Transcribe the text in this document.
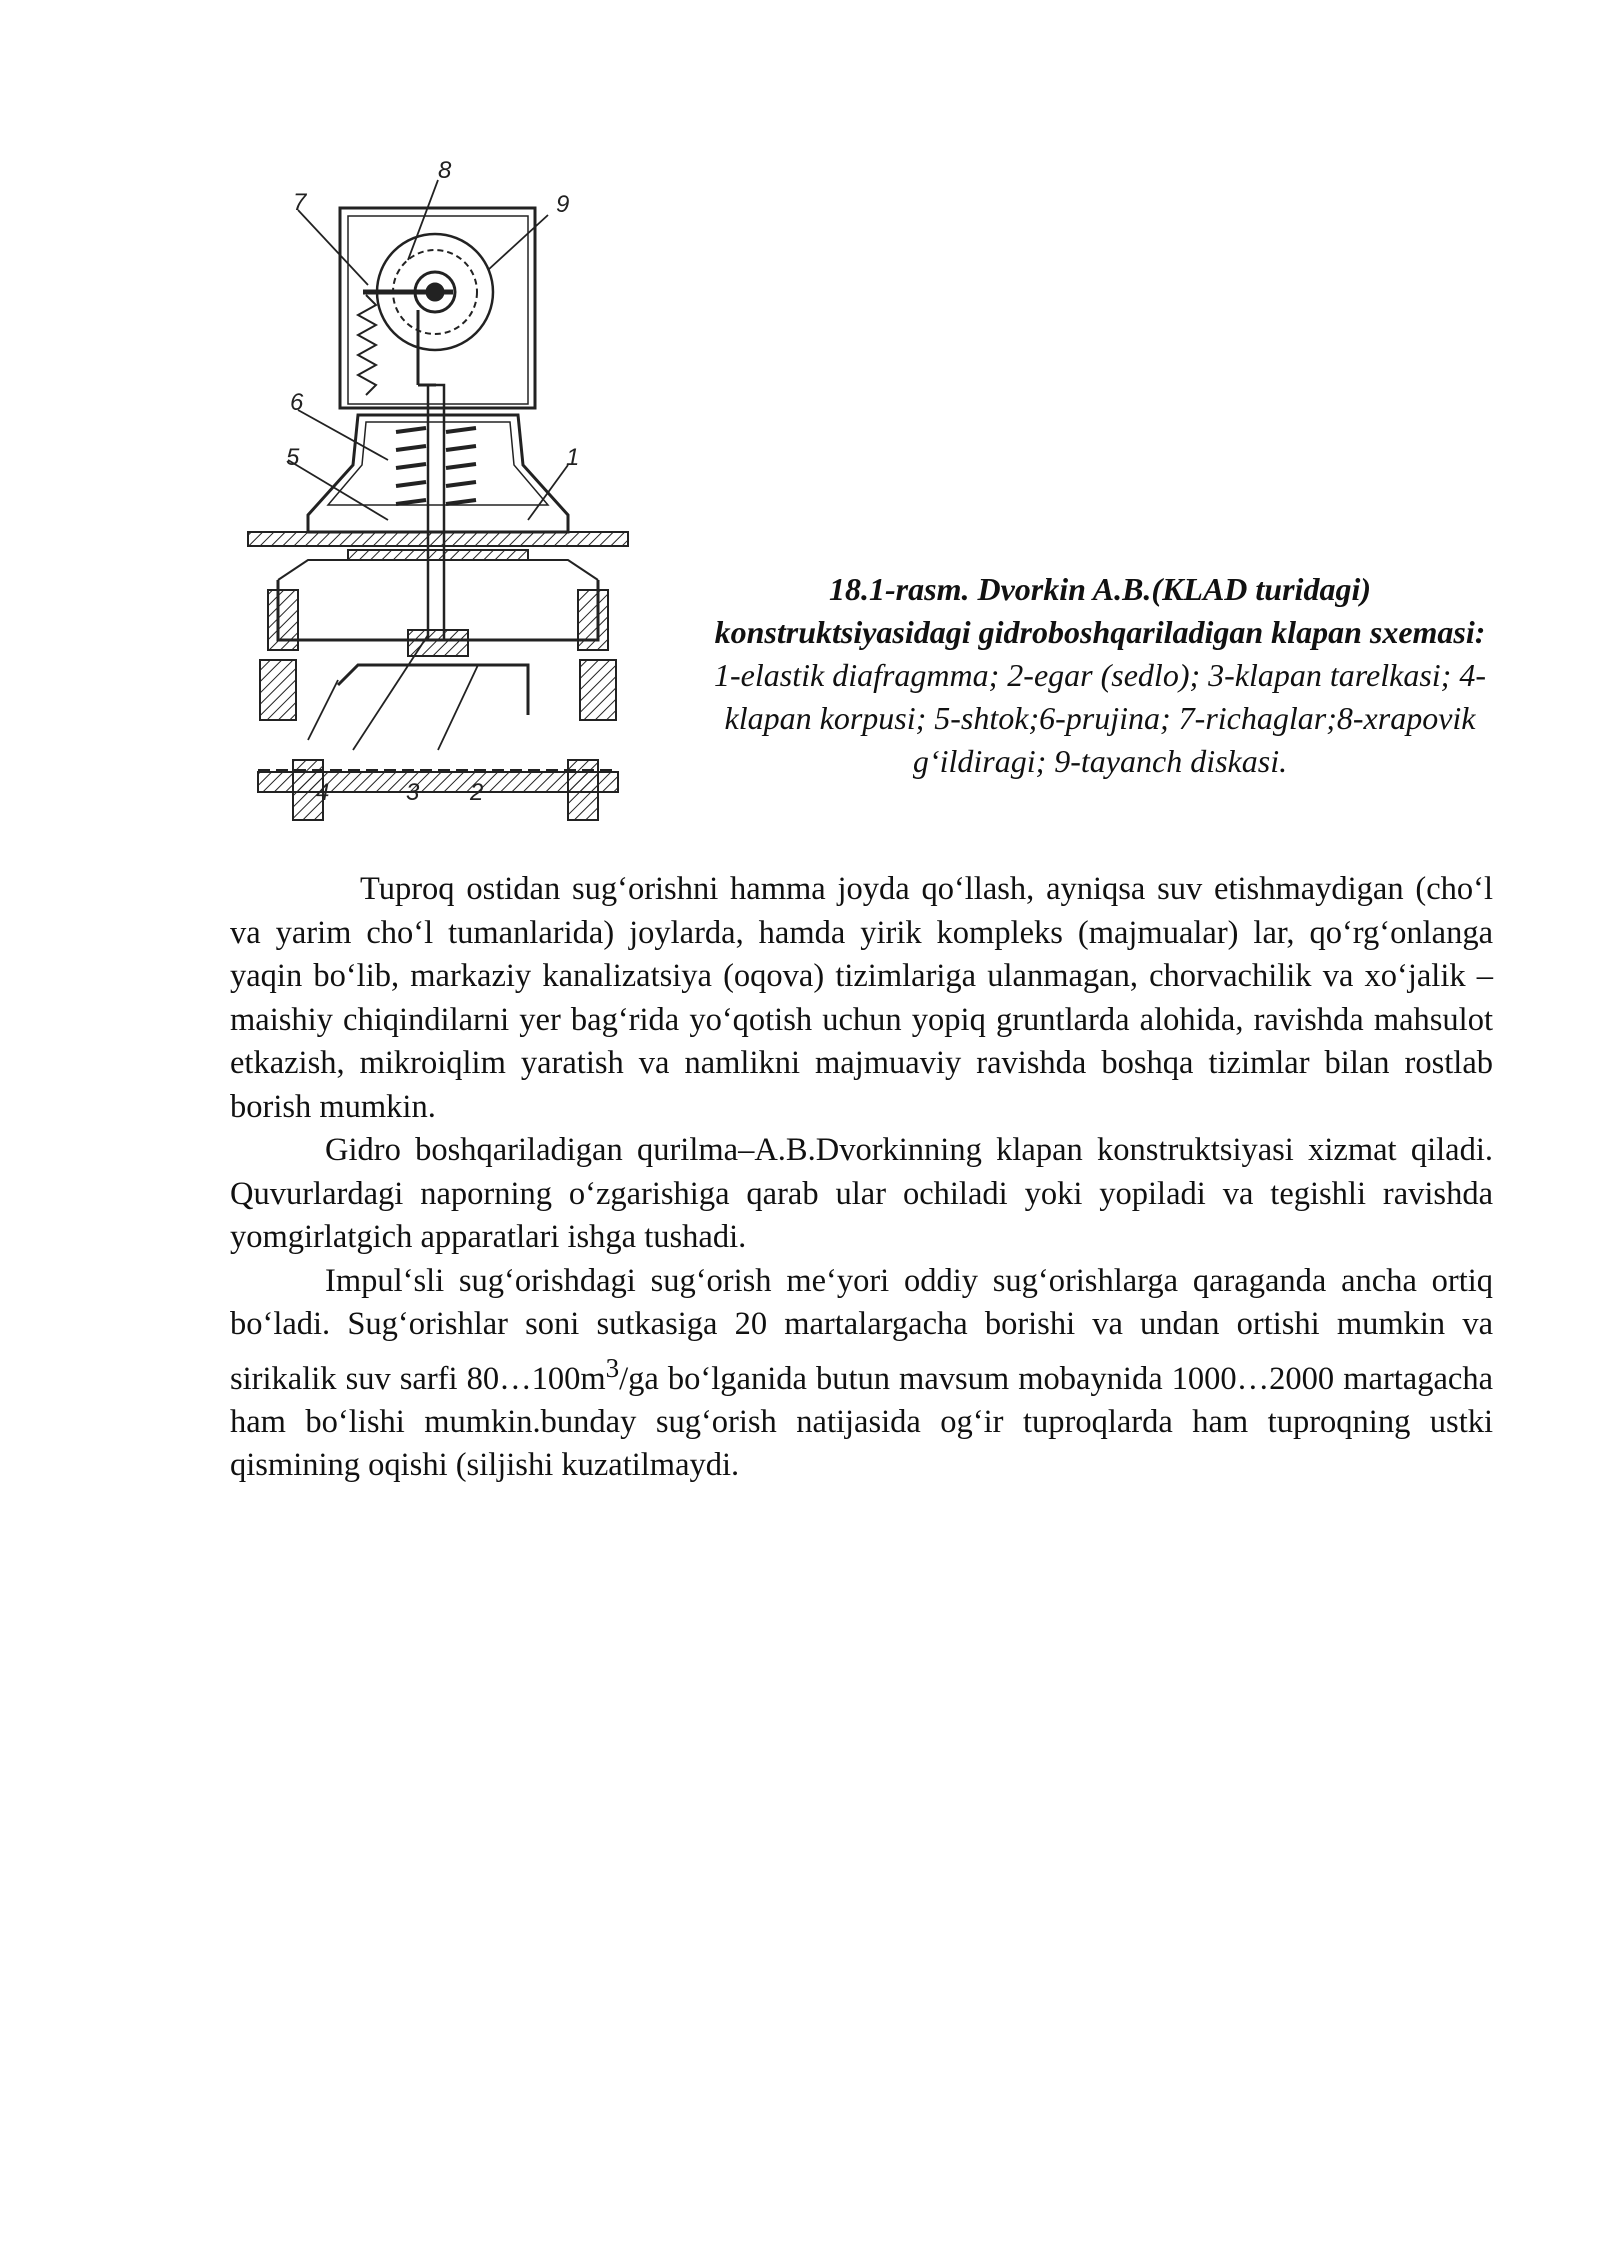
7
8
9
6
5	1
4	3 2
18.1-rasm. Dvorkin A.B.(KLAD turidagi) konstruktsiyasidagi gidroboshqariladigan klapan sxemasi:
1-elastik diafragmma; 2-egar (sedlo); 3-klapan tarelkasi; 4-klapan korpusi; 5-shtok;6-prujina; 7-richaglar;8-xrapovik gʻildiragi; 9-tayanch diskasi.

Tuproq ostidan sugʻorishni hamma joyda qoʻllash, ayniqsa suv etishmaydigan (choʻl va yarim choʻl tumanlarida) joylarda, hamda yirik kompleks (majmualar) lar, qoʻrgʻonlanga yaqin boʻlib, markaziy kanalizatsiya (oqova) tizimlariga ulanmagan, chorvachilik va xoʻjalik – maishiy chiqindilarni yer bagʻrida yoʻqotish uchun yopiq gruntlarda alohida, ravishda mahsulot etkazish, mikroiqlim yaratish va namlikni majmuaviy ravishda boshqa tizimlar bilan rostlab borish mumkin.

Gidro boshqariladigan qurilma–A.B.Dvorkinning klapan konstruktsiyasi xizmat qiladi. Quvurlardagi naporning oʻzgarishiga qarab ular ochiladi yoki yopiladi va tegishli ravishda yomgirlatgich apparatlari ishga tushadi.

Impulʻsli sugʻorishdagi sugʻorish meʻyori oddiy sugʻorishlarga qaraganda ancha ortiq boʻladi. Sugʻorishlar soni sutkasiga 20 martalargacha borishi va undan ortishi mumkin va sirikalik suv sarfi $80\dots 100m^3/ga$ boʻlganida butun mavsum mobaynida 1000…2000 martagacha ham boʻlishi mumkin.bunday sugʻorish natijasida ogʻir tuproqlarda ham tuproqning ustki qismining oqishi (siljishi kuzatilmaydi.
